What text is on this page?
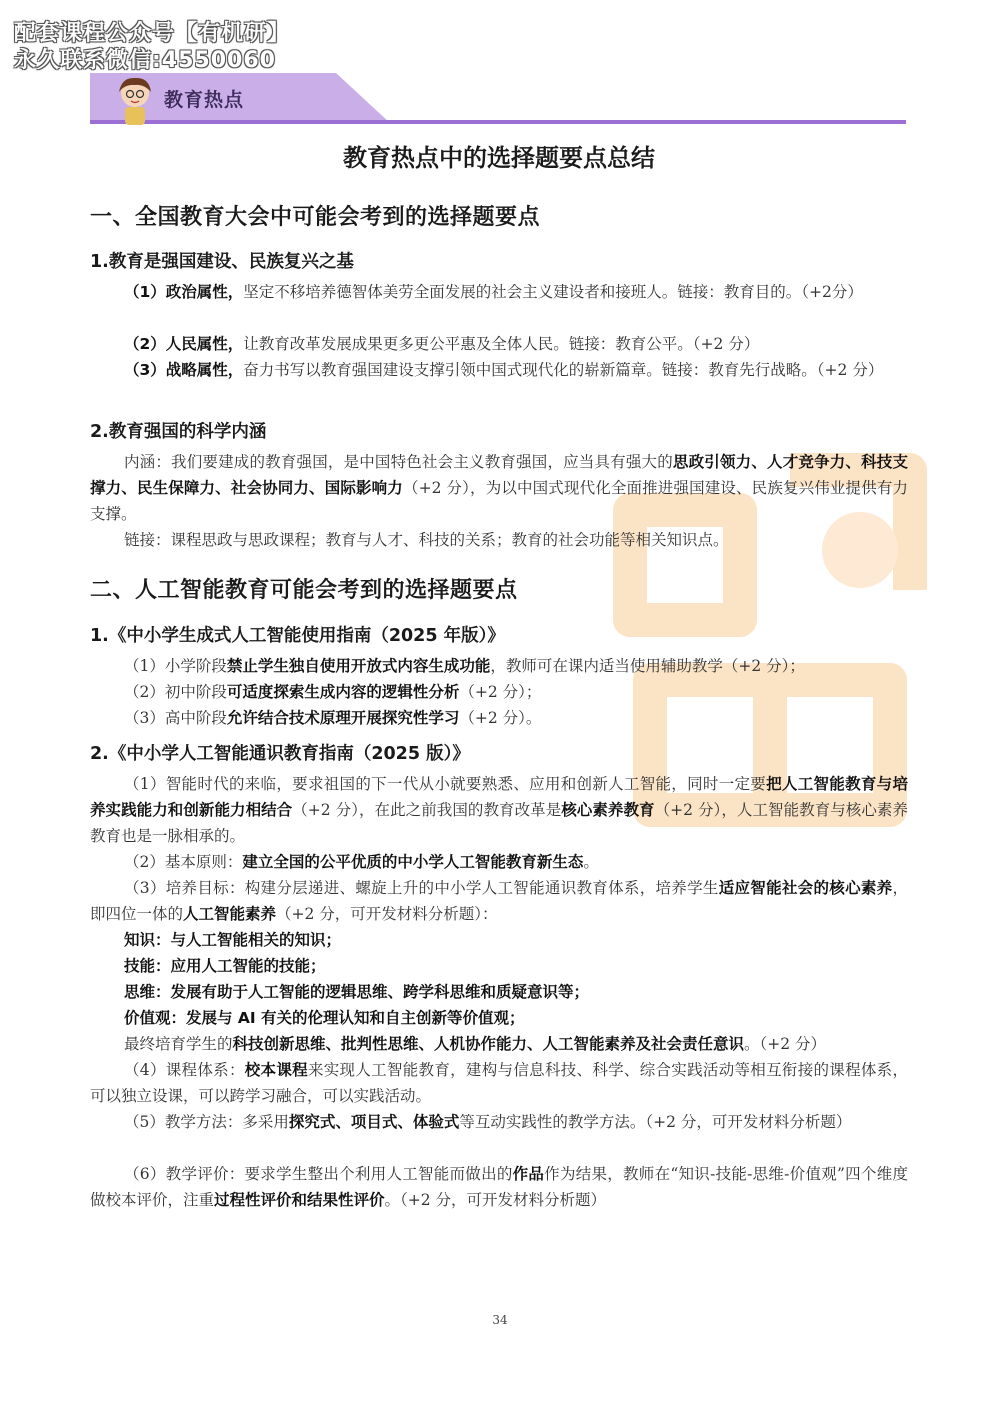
配套课程公众号【有机研】
永久联系微信:4550060
教育热点
教育热点中的选择题要点总结
一、全国教育大会中可能会考到的选择题要点
1.教育是强国建设、民族复兴之基
（1）政治属性，坚定不移培养德智体美劳全面发展的社会主义建设者和接班人。链接：教育目的。（+2分）
（2）人民属性，让教育改革发展成果更多更公平惠及全体人民。链接：教育公平。（+2 分）
（3）战略属性，奋力书写以教育强国建设支撑引领中国式现代化的崭新篇章。链接：教育先行战略。（+2 分）
2.教育强国的科学内涵
内涵：我们要建成的教育强国，是中国特色社会主义教育强国，应当具有强大的思政引领力、人才竞争力、科技支撑力、民生保障力、社会协同力、国际影响力（+2 分），为以中国式现代化全面推进强国建设、民族复兴伟业提供有力支撑。
链接：课程思政与思政课程；教育与人才、科技的关系；教育的社会功能等相关知识点。
二、人工智能教育可能会考到的选择题要点
1.《中小学生成式人工智能使用指南（2025 年版）》
（1）小学阶段禁止学生独自使用开放式内容生成功能，教师可在课内适当使用辅助教学（+2 分）；
（2）初中阶段可适度探索生成内容的逻辑性分析（+2 分）；
（3）高中阶段允许结合技术原理开展探究性学习（+2 分）。
2.《中小学人工智能通识教育指南（2025 版）》
（1）智能时代的来临，要求祖国的下一代从小就要熟悉、应用和创新人工智能，同时一定要把人工智能教育与培养实践能力和创新能力相结合（+2 分），在此之前我国的教育改革是核心素养教育（+2 分），人工智能教育与核心素养教育也是一脉相承的。
（2）基本原则：建立全国的公平优质的中小学人工智能教育新生态。
（3）培养目标：构建分层递进、螺旋上升的中小学人工智能通识教育体系，培养学生适应智能社会的核心素养，即四位一体的人工智能素养（+2 分，可开发材料分析题）：
知识：与人工智能相关的知识；
技能：应用人工智能的技能；
思维：发展有助于人工智能的逻辑思维、跨学科思维和质疑意识等；
价值观：发展与 AI 有关的伦理认知和自主创新等价值观；
最终培育学生的科技创新思维、批判性思维、人机协作能力、人工智能素养及社会责任意识。（+2 分）
（4）课程体系：校本课程来实现人工智能教育，建构与信息科技、科学、综合实践活动等相互衔接的课程体系，可以独立设课，可以跨学习融合，可以实践活动。
（5）教学方法：多采用探究式、项目式、体验式等互动实践性的教学方法。（+2 分，可开发材料分析题）
（6）教学评价：要求学生整出个利用人工智能而做出的作品作为结果，教师在“知识-技能-思维-价值观”四个维度做校本评价，注重过程性评价和结果性评价。（+2 分，可开发材料分析题）
34
